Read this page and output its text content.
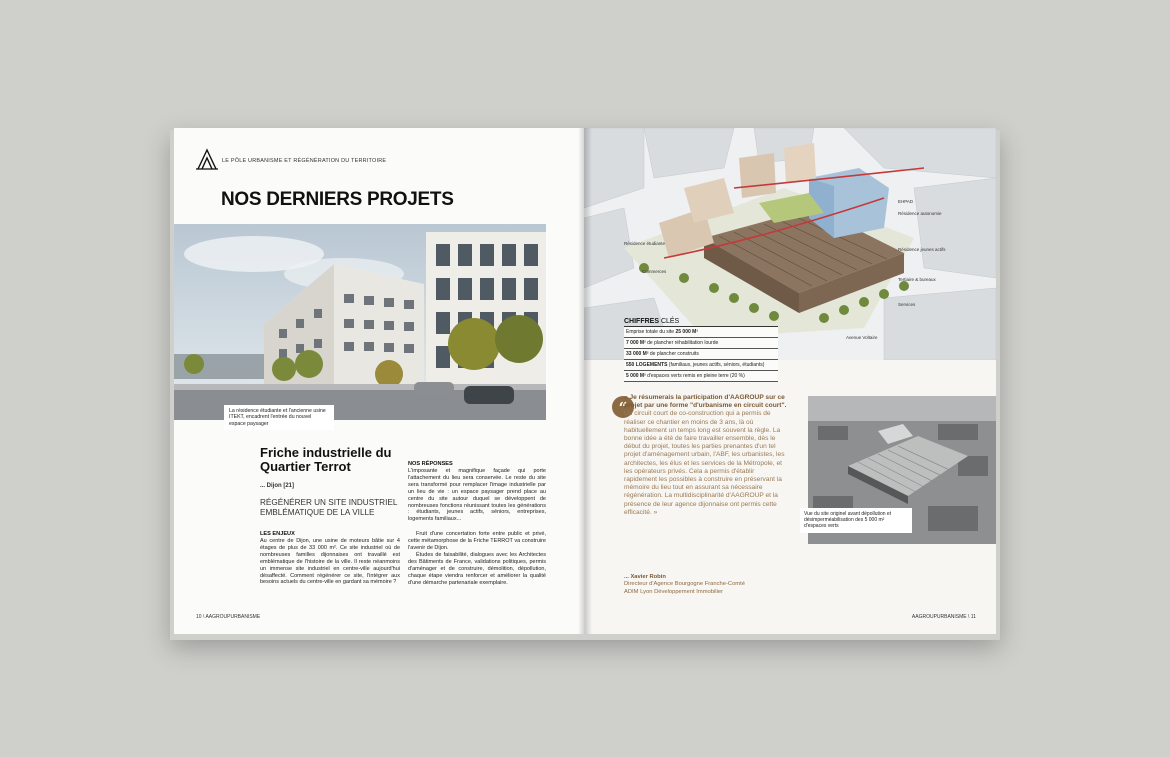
LE PÔLE URBANISME ET RÉGÉNÉRATION DU TERRITOIRE
NOS DERNIERS PROJETS
La résidence étudiante et l'ancienne usine ITEKT, encadrent l'entrée du nouvel espace paysager
Friche industrielle du Quartier Terrot
... Dijon [21]
RÉGÉNÉRER UN SITE INDUSTRIEL EMBLÉMATIQUE DE LA VILLE
LES ENJEUX
Au centre de Dijon, une usine de moteurs bâtie sur 4 étages de plus de 33 000 m². Ce site industriel où de nombreuses familles dijonnaises ont travaillé est emblématique de l'histoire de la ville. Il reste néanmoins un immense site industriel en centre-ville aujourd'hui désaffecté. Comment régénérer ce site, l'intégrer aux besoins actuels du centre-ville en gardant sa mémoire ?
NOS RÉPONSES
L'imposante et magnifique façade qui porte l'attachement du lieu sera conservée. Le reste du site sera transformé pour remplacer l'image industrielle par un lieu de vie : un espace paysager prend place au centre du site autour duquel se développent de nombreuses fonctions réunissant toutes les générations : étudiants, jeunes actifs, séniors, entreprises, logements familiaux...
Fruit d'une concertation forte entre public et privé, cette métamorphose de la Friche TERROT va construire l'avenir de Dijon.
Études de faisabilité, dialogues avec les Architectes des Bâtiments de France, validations politiques, permis d'aménager et de construire, démolition, dépollution, chaque étape viendra renforcer et améliorer la qualité d'une démarche partenariale exemplaire.
10 \ AAGROUPURBANISME
EHPAD
Résidence autonomie
Résidence étudiante
Résidence jeunes actifs
Commerces
Tertiaire & bureaux
Services
Avenue Voltaire
CHIFFRES CLÉS
Emprise totale du site 25 000 M²
7 000 M² de plancher réhabilitation lourde
33 000 M² de plancher construits
550 LOGEMENTS (familiaux, jeunes actifs, séniors, étudiants)
5 000 M² d'espaces verts remis en pleine terre (20 %)
“
« Je résumerais la participation d'AAGROUP sur ce projet par une forme "d'urbanisme en circuit court". Un circuit court de co-construction qui a permis de réaliser ce chantier en moins de 3 ans, là où habituellement un temps long est souvent la règle. La bonne idée a été de faire travailler ensemble, dès le début du projet, toutes les parties prenantes d'un tel projet d'aménagement urbain, l'ABF, les urbanistes, les architectes, les élus et les services de la Métropole, et les opérateurs privés. Cela a permis d'établir rapidement les possibles à construire en préservant la mémoire du lieu tout en assurant sa nécessaire régénération. La multidisciplinarité d'AAGROUP et la présence de leur agence dijonnaise ont permis cette efficacité. »
... Xavier Robin
Directeur d'Agence Bourgogne Franche-Comté
ADIM Lyon Développement Immobilier
Vue du site originel avant dépollution et désimperméabilisation des 5 000 m² d'espaces verts
AAGROUPURBANISME \ 11
